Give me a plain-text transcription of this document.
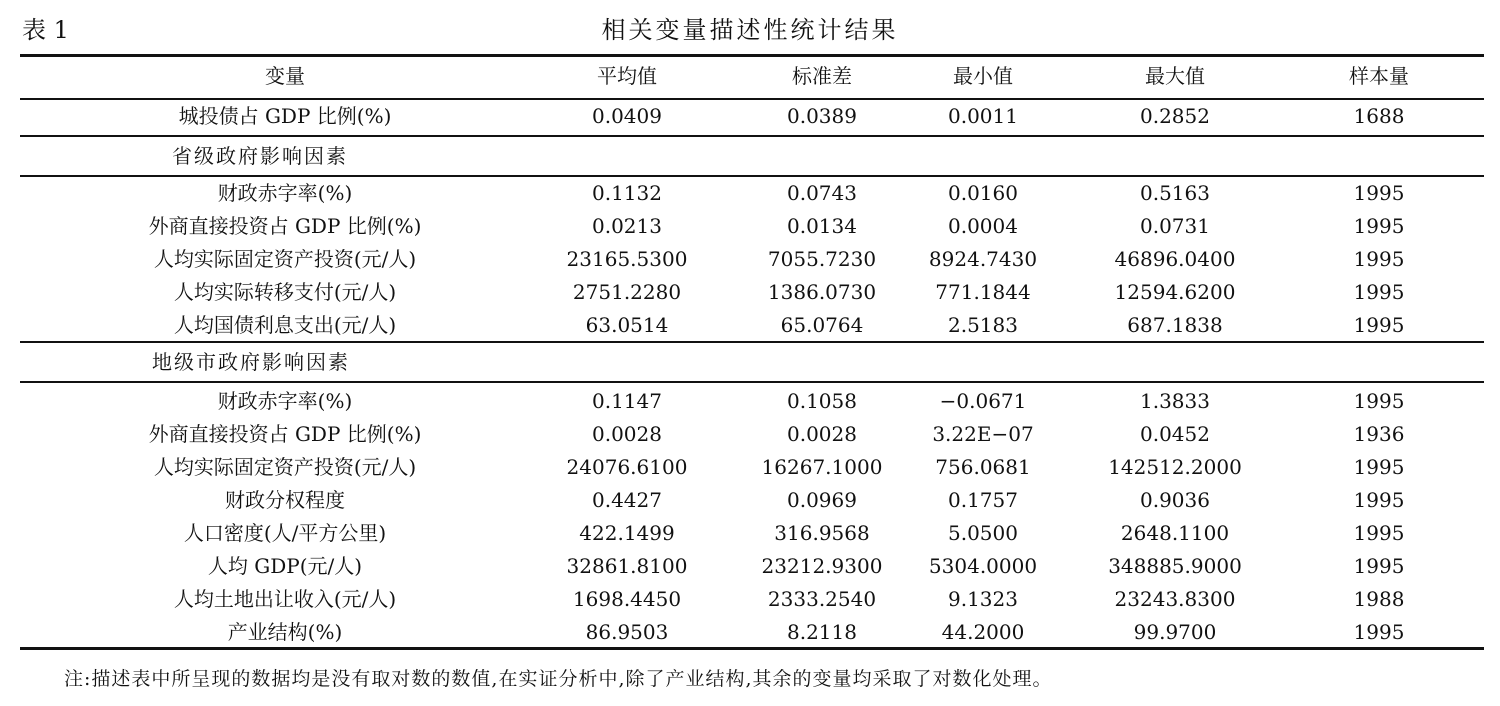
表 1	相关变量描述性统计结果
变量	平均值	标准差	最小值	最大值	样本量
城投债占 GDP 比例(%)	0.0409	0.0389	0.0011	0.2852	1688
省级政府影响因素
财政赤字率(%)	0.1132	0.0743	0.0160	0.5163	1995
外商直接投资占 GDP 比例(%)	0.0213	0.0134	0.0004	0.0731	1995
人均实际固定资产投资(元/人)	23165.5300	7055.7230	8924.7430	46896.0400	1995
人均实际转移支付(元/人)	2751.2280	1386.0730	771.1844	12594.6200	1995
人均国债利息支出(元/人)	63.0514	65.0764	2.5183	687.1838	1995
地级市政府影响因素
财政赤字率(%)	0.1147	0.1058	−0.0671	1.3833	1995
外商直接投资占 GDP 比例(%)	0.0028	0.0028	3.22E−07	0.0452	1936
人均实际固定资产投资(元/人)	24076.6100	16267.1000	756.0681	142512.2000	1995
财政分权程度	0.4427	0.0969	0.1757	0.9036	1995
人口密度(人/平方公里)	422.1499	316.9568	5.0500	2648.1100	1995
人均 GDP(元/人)	32861.8100	23212.9300	5304.0000	348885.9000	1995
人均土地出让收入(元/人)	1698.4450	2333.2540	9.1323	23243.8300	1988
产业结构(%)	86.9503	8.2118	44.2000	99.9700	1995
注:描述表中所呈现的数据均是没有取对数的数值,在实证分析中,除了产业结构,其余的变量均采取了对数化处理。
